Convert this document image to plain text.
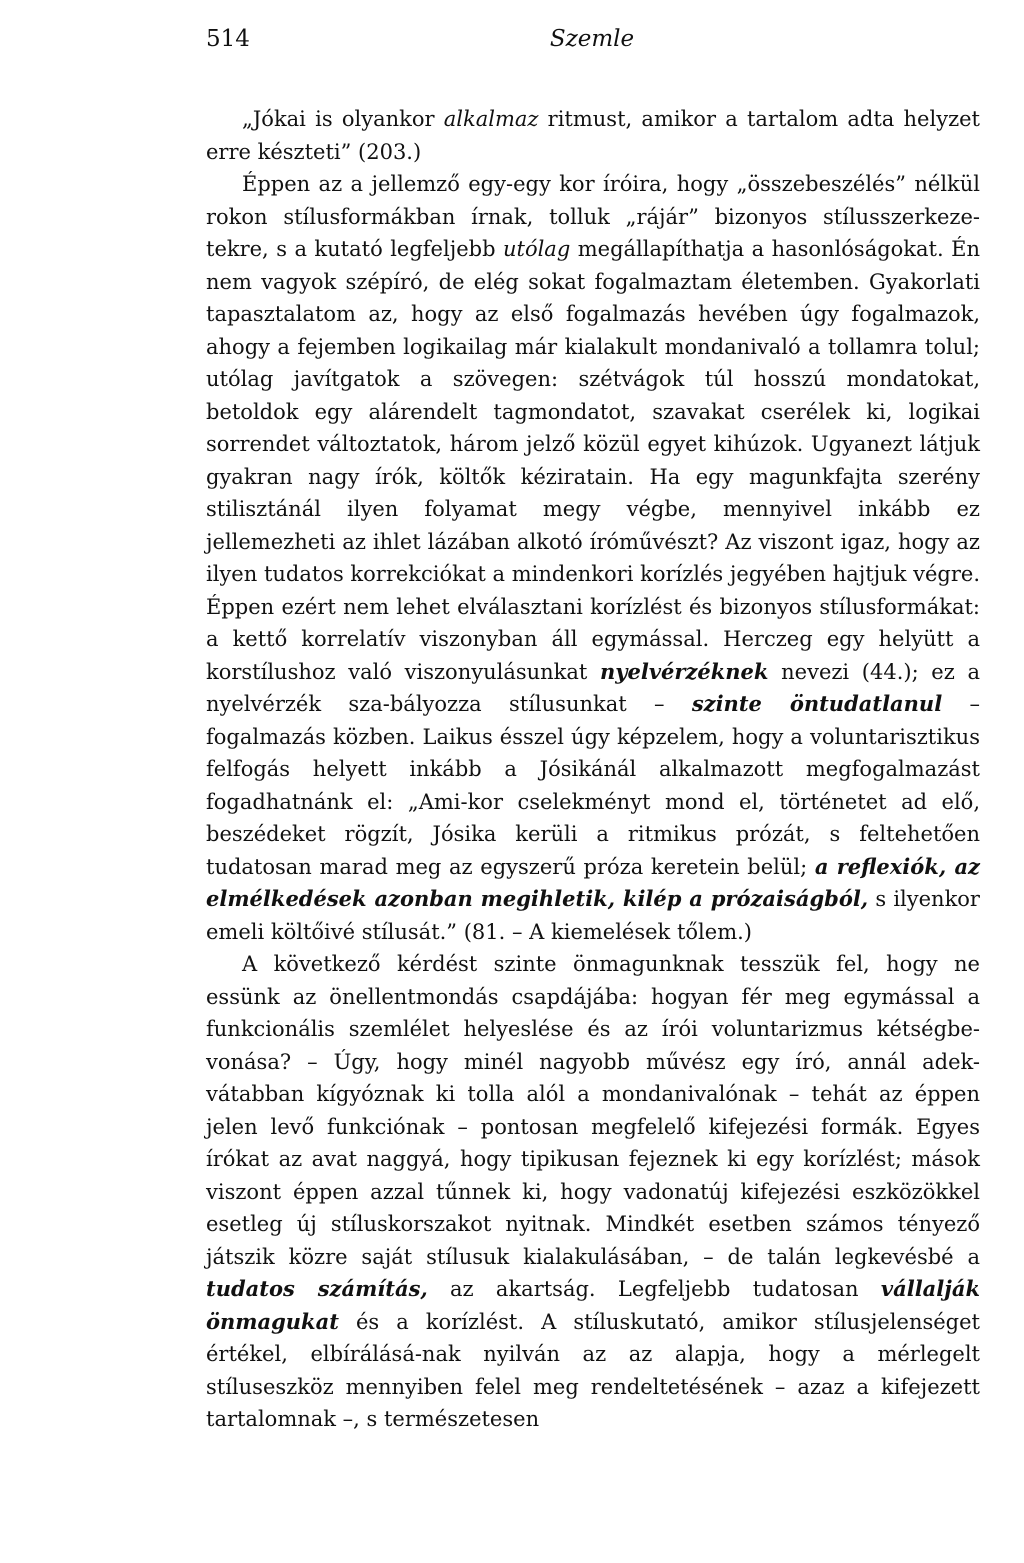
514	Szemle

„Jókai is olyankor alkalmaz ritmust, amikor a tartalom adta helyzet erre készteti” (203.)

Éppen az a jellemző egy-egy kor íróira, hogy „összebeszélés” nélkül rokon stílusformákban írnak, tolluk „rájár” bizonyos stílusszerkeze-tekre, s a kutató legfeljebb utólag megállapíthatja a hasonlóságokat. Én nem vagyok szépíró, de elég sokat fogalmaztam életemben. Gyakorlati tapasztalatom az, hogy az első fogalmazás hevében úgy fogalmazok, ahogy a fejemben logikailag már kialakult mondanivaló a tollamra tolul; utólag javítgatok a szövegen: szétvágok túl hosszú mondatokat, betoldok egy alárendelt tagmondatot, szavakat cserélek ki, logikai sorrendet változtatok, három jelző közül egyet kihúzok. Ugyanezt látjuk gyakran nagy írók, költők kéziratain. Ha egy magunkfajta szerény stilisztánál ilyen folyamat megy végbe, mennyivel inkább ez jellemezheti az ihlet lázában alkotó íróművészt? Az viszont igaz, hogy az ilyen tudatos korrekciókat a mindenkori korízlés jegyében hajtjuk végre. Éppen ezért nem lehet elválasztani korízlést és bizonyos stílusformákat: a kettő korrelatív viszonyban áll egymással. Herczeg egy helyütt a korstílushoz való viszonyulásunkat nyelvérzéknek nevezi (44.); ez a nyelvérzék sza-bályozza stílusunkat – szinte öntudatlanul – fogalmazás közben. Laikus ésszel úgy képzelem, hogy a voluntarisztikus felfogás helyett inkább a Jósikánál alkalmazott megfogalmazást fogadhatnánk el: „Ami-kor cselekményt mond el, történetet ad elő, beszédeket rögzít, Jósika kerüli a ritmikus prózát, s feltehetően tudatosan marad meg az egyszerű próza keretein belül; a reflexiók, az elmélkedések azonban megihletik, kilép a prózaiságból, s ilyenkor emeli költőivé stílusát.” (81. – A kiemelések tőlem.)

A következő kérdést szinte önmagunknak tesszük fel, hogy ne essünk az önellentmondás csapdájába: hogyan fér meg egymással a funkcionális szemlélet helyeslése és az írói voluntarizmus kétségbe-vonása? – Úgy, hogy minél nagyobb művész egy író, annál adek-vátabban kígyóznak ki tolla alól a mondanivalónak – tehát az éppen jelen levő funkciónak – pontosan megfelelő kifejezési formák. Egyes írókat az avat naggyá, hogy tipikusan fejeznek ki egy korízlést; mások viszont éppen azzal tűnnek ki, hogy vadonatúj kifejezési eszközökkel esetleg új stíluskorszakot nyitnak. Mindkét esetben számos tényező játszik közre saját stílusuk kialakulásában, – de talán legkevésbé a tudatos számítás, az akartság. Legfeljebb tudatosan vállalják önmagukat és a korízlést. A stíluskutató, amikor stílusjelenséget értékel, elbírálásá-nak nyilván az az alapja, hogy a mérlegelt stíluseszköz mennyiben felel meg rendeltetésének – azaz a kifejezett tartalomnak –, s természetesen
